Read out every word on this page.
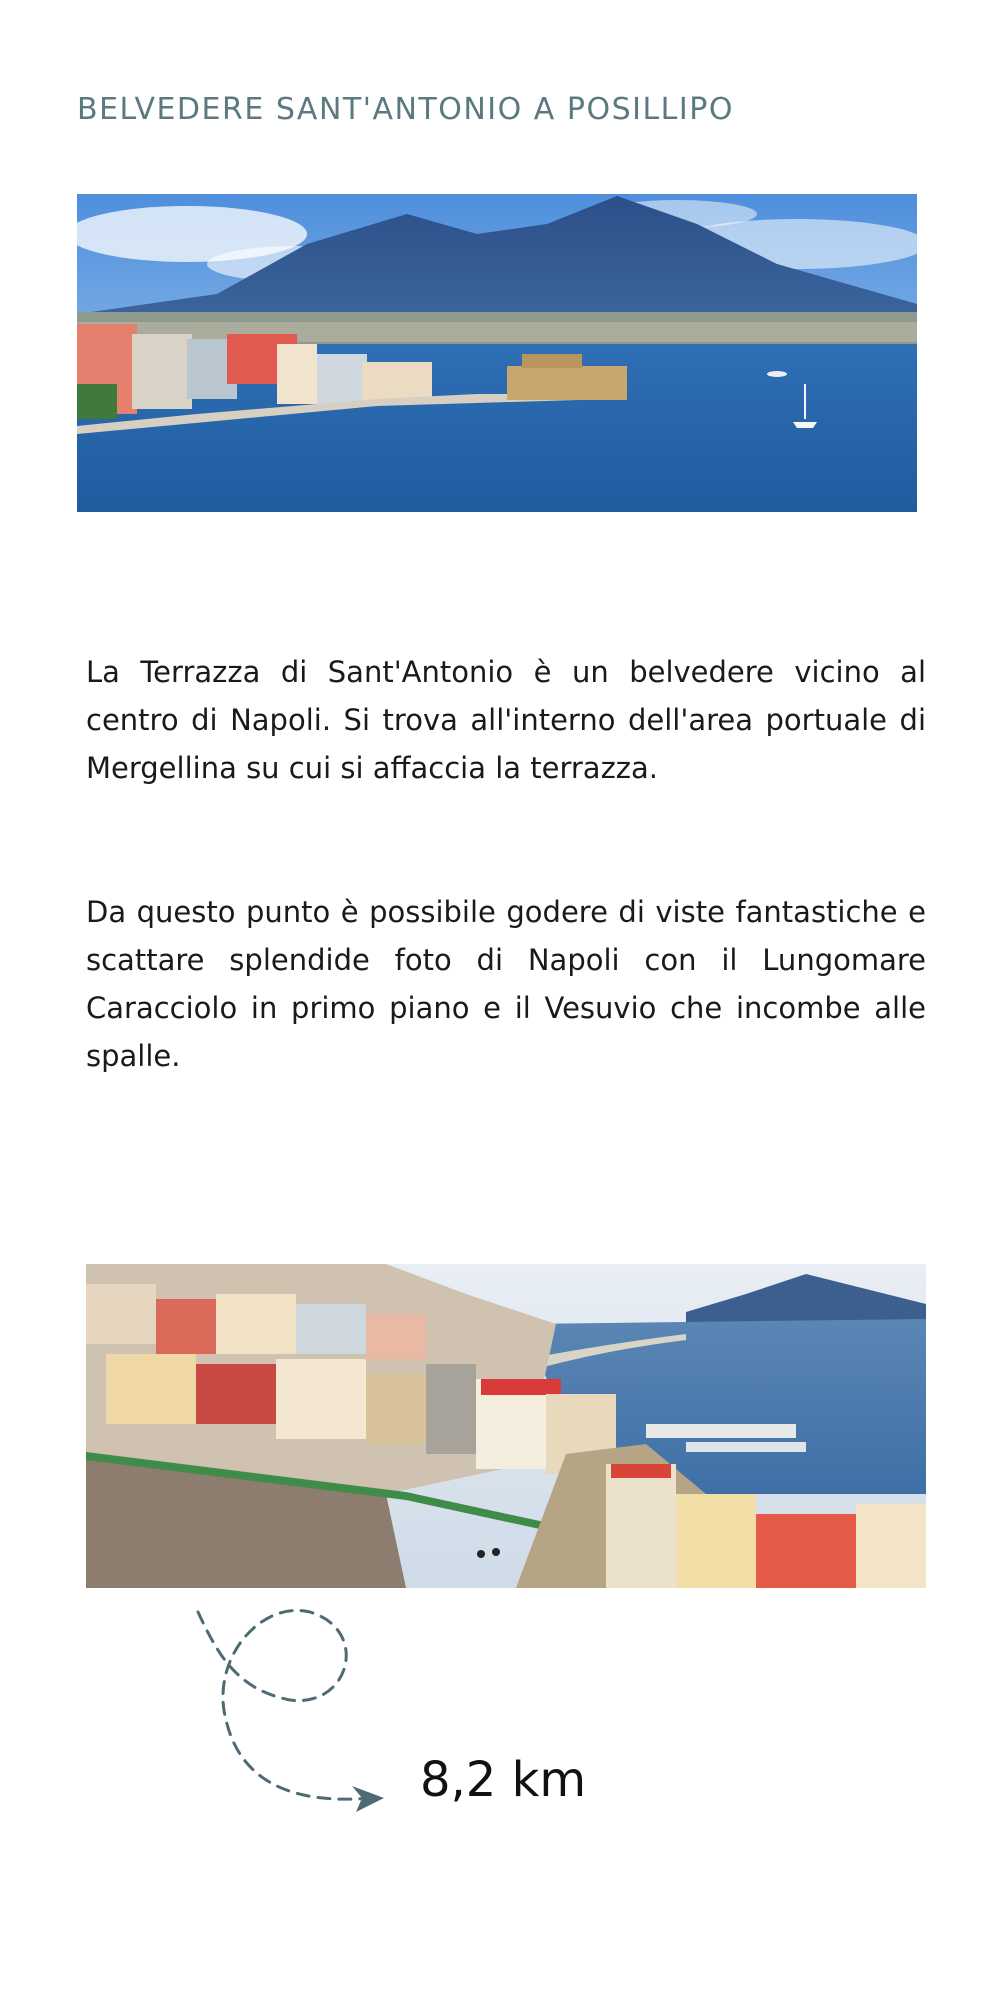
BELVEDERE SANT'ANTONIO A POSILLIPO

La Terrazza di Sant'Antonio è un belvedere vicino al centro di Napoli. Si trova all'interno dell'area portuale di Mergellina su cui si affaccia la terrazza.

Da questo punto è possibile godere di viste fantastiche e scattare splendide foto di Napoli con il Lungomare Caracciolo in primo piano e il Vesuvio che incombe alle spalle.

8,2 km
